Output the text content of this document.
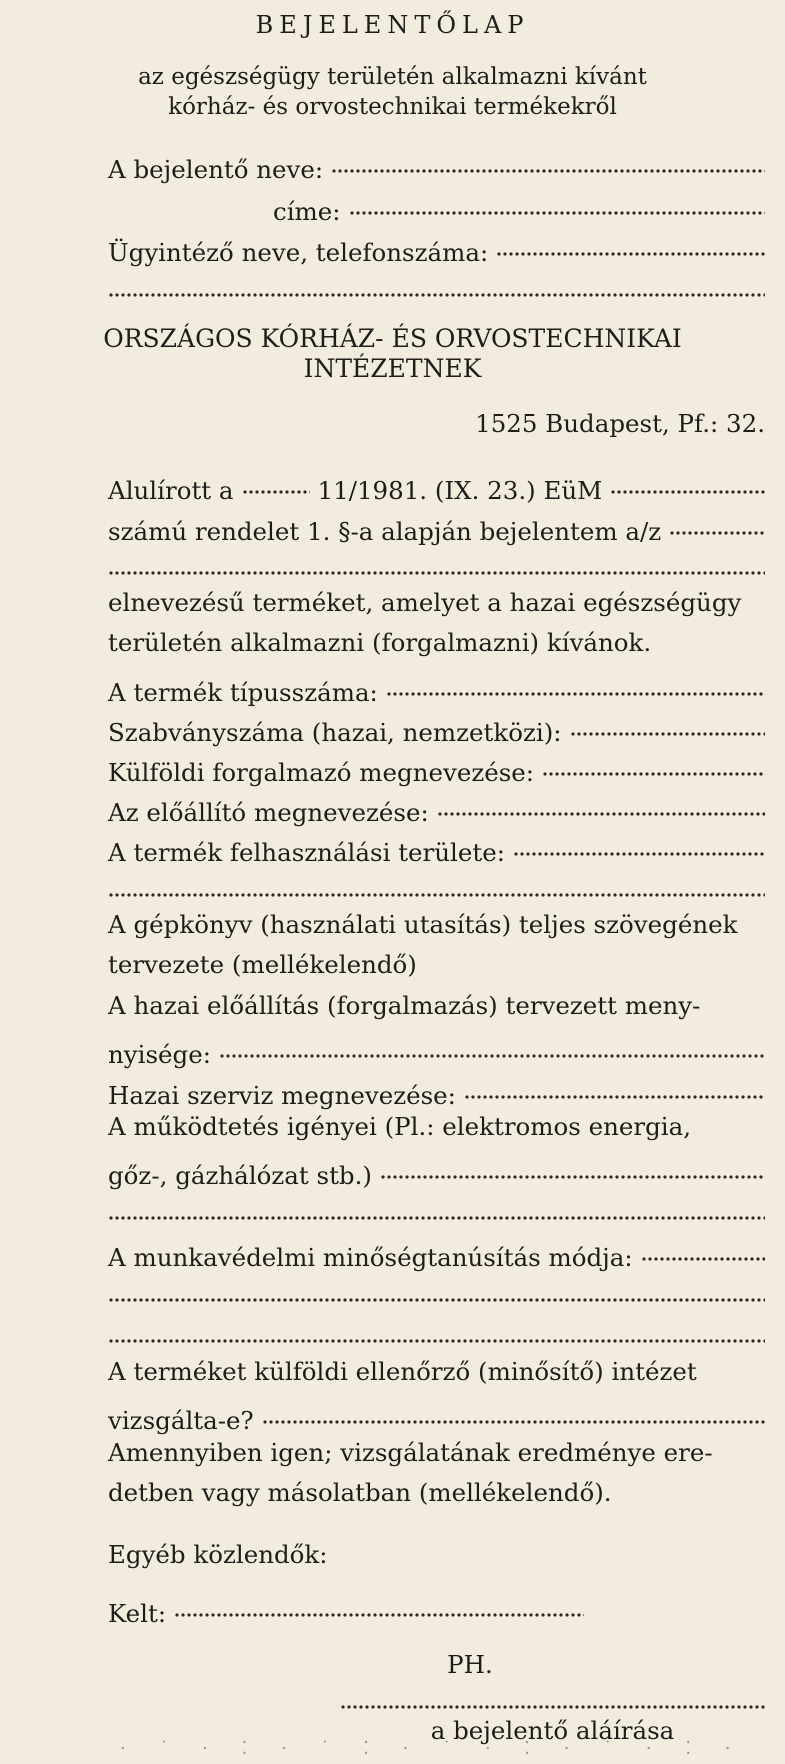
BEJELENTŐLAP
az egészségügy területén alkalmazni kívánt
kórház- és orvostechnikai termékekről
A bejelentő neve:
címe:
Ügyintéző neve, telefonszáma:
ORSZÁGOS KÓRHÁZ- ÉS ORVOSTECHNIKAI
INTÉZETNEK
1525 Budapest, Pf.: 32.
Alulírott a	11/1981. (IX. 23.) EüM
számú rendelet 1. §-a alapján bejelentem a/z
elnevezésű terméket, amelyet a hazai egészségügy
területén alkalmazni (forgalmazni) kívánok.
A termék típusszáma:
Szabványszáma (hazai, nemzetközi):
Külföldi forgalmazó megnevezése:
Az előállító megnevezése:
A termék felhasználási területe:
A gépkönyv (használati utasítás) teljes szövegének
tervezete (mellékelendő)
A hazai előállítás (forgalmazás) tervezett meny-
nyisége:
Hazai szerviz megnevezése:
A működtetés igényei (Pl.: elektromos energia,
gőz-, gázhálózat stb.)
A munkavédelmi minőségtanúsítás módja:
A terméket külföldi ellenőrző (minősítő) intézet
vizsgálta-e?
Amennyiben igen; vizsgálatának eredménye ere-
detben vagy másolatban (mellékelendő).
Egyéb közlendők:
Kelt:
PH.
a bejelentő aláírása
· ˙ · ⁚ · ˙ ⁚ · ˙ · ⁚ · ˙ · ⁚ ·
